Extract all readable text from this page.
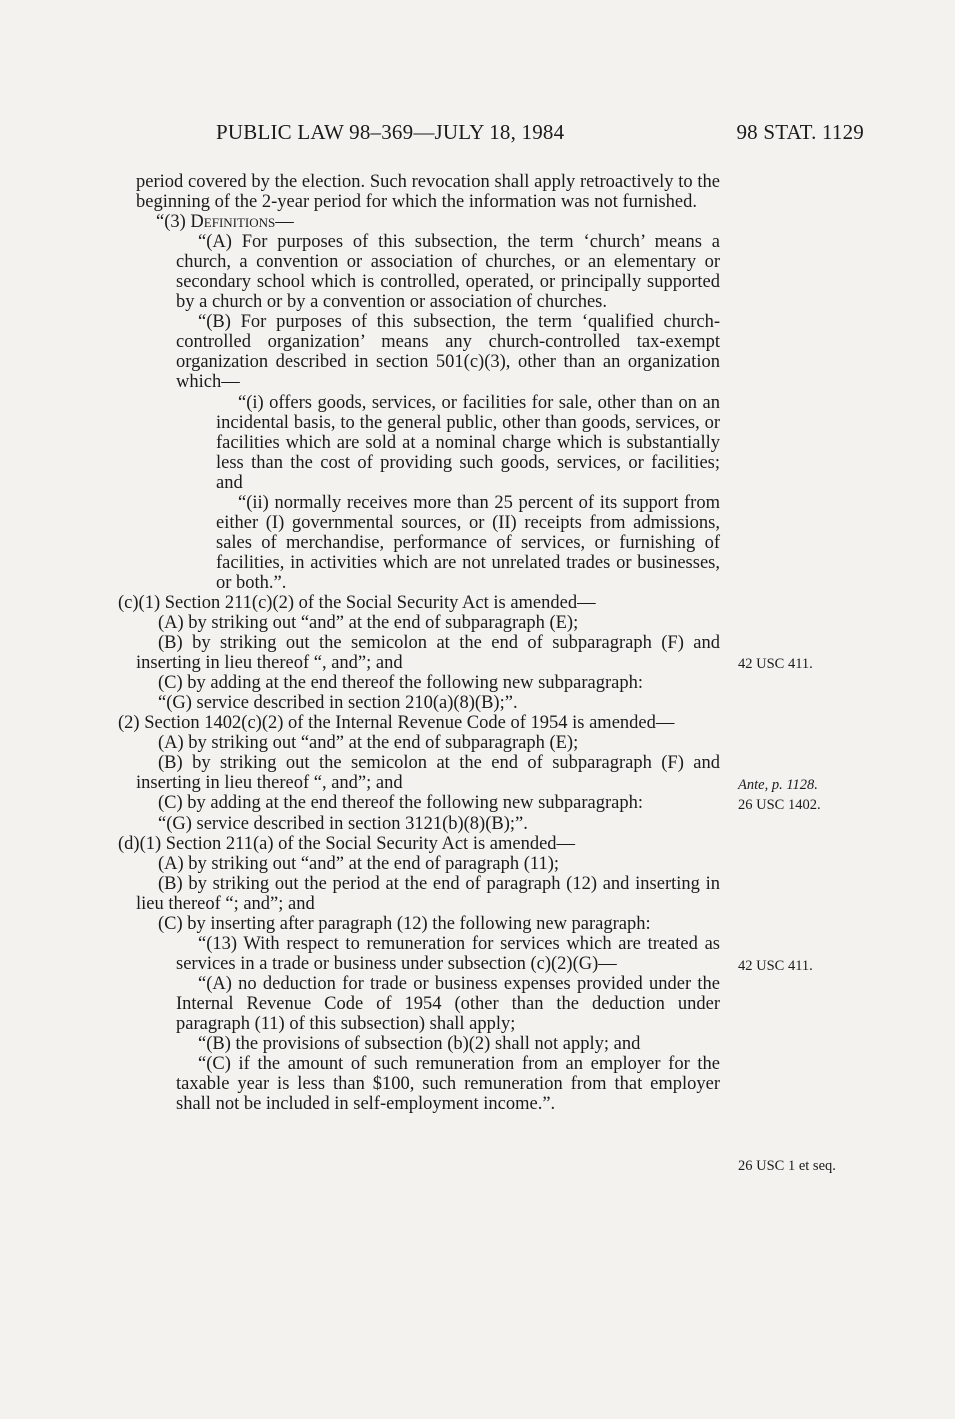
PUBLIC LAW 98–369—JULY 18, 1984	98 STAT. 1129

period covered by the election. Such revocation shall apply retroactively to the beginning of the 2-year period for which the information was not furnished.

“(3) Definitions—

“(A) For purposes of this subsection, the term ‘church’ means a church, a convention or association of churches, or an elementary or secondary school which is controlled, operated, or principally supported by a church or by a convention or association of churches.

“(B) For purposes of this subsection, the term ‘qualified church-controlled organization’ means any church-controlled tax-exempt organization described in section 501(c)(3), other than an organization which—

“(i) offers goods, services, or facilities for sale, other than on an incidental basis, to the general public, other than goods, services, or facilities which are sold at a nominal charge which is substantially less than the cost of providing such goods, services, or facilities; and

“(ii) normally receives more than 25 percent of its support from either (I) governmental sources, or (II) receipts from admissions, sales of merchandise, performance of services, or furnishing of facilities, in activities which are not unrelated trades or businesses, or both.”.

(c)(1) Section 211(c)(2) of the Social Security Act is amended—

(A) by striking out “and” at the end of subparagraph (E);

(B) by striking out the semicolon at the end of subparagraph (F) and inserting in lieu thereof “, and”; and

(C) by adding at the end thereof the following new subparagraph:

“(G) service described in section 210(a)(8)(B);”.

(2) Section 1402(c)(2) of the Internal Revenue Code of 1954 is amended—

(A) by striking out “and” at the end of subparagraph (E);

(B) by striking out the semicolon at the end of subparagraph (F) and inserting in lieu thereof “, and”; and

(C) by adding at the end thereof the following new subparagraph:

“(G) service described in section 3121(b)(8)(B);”.

(d)(1) Section 211(a) of the Social Security Act is amended—

(A) by striking out “and” at the end of paragraph (11);

(B) by striking out the period at the end of paragraph (12) and inserting in lieu thereof “; and”; and

(C) by inserting after paragraph (12) the following new paragraph:

“(13) With respect to remuneration for services which are treated as services in a trade or business under subsection (c)(2)(G)—

“(A) no deduction for trade or business expenses provided under the Internal Revenue Code of 1954 (other than the deduction under paragraph (11) of this subsection) shall apply;

“(B) the provisions of subsection (b)(2) shall not apply; and

“(C) if the amount of such remuneration from an employer for the taxable year is less than $100, such remuneration from that employer shall not be included in self-employment income.”.

42 USC 411.
Ante, p. 1128.
26 USC 1402.
42 USC 411.
26 USC 1 et seq.
